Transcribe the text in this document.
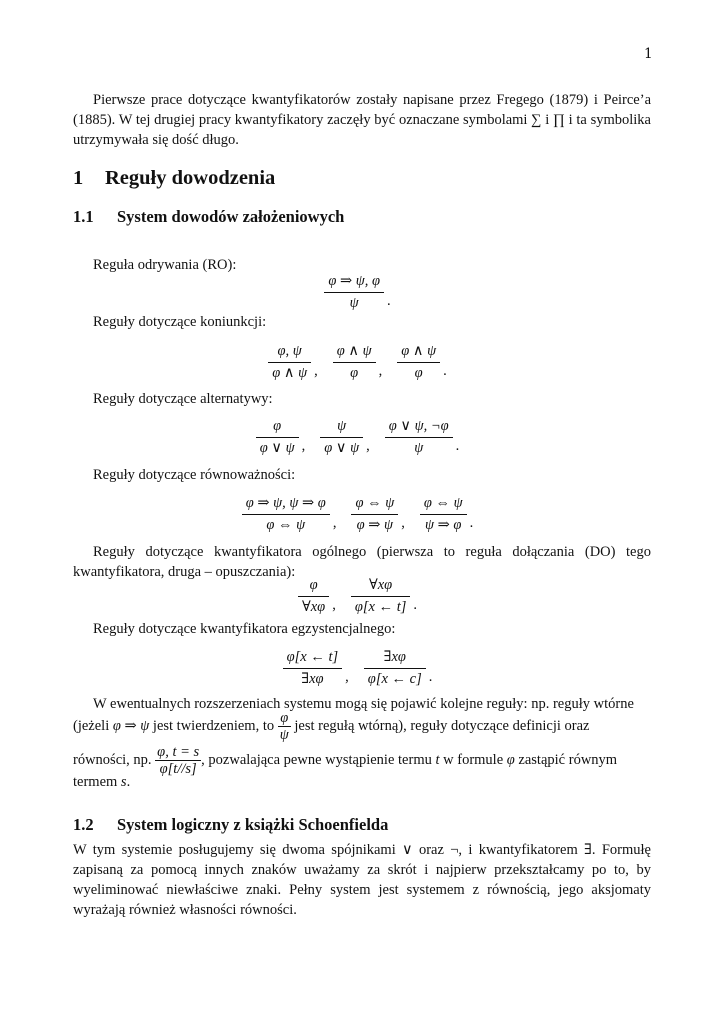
1
Pierwsze prace dotyczące kwantyfikatorów zostały napisane przez Fregego (1879) i Peirce’a (1885). W tej drugiej pracy kwantyfikatory zaczęły być oznaczane symbolami ∑ i ∏ i ta symbolika utrzymywała się dość długo.
1 Reguły dowodzenia
1.1 System dowodów założeniowych
Reguła odrywania (RO):
$\frac{\varphi \Rightarrow \psi, \varphi}{\psi}$ .
Reguły dotyczące koniunkcji:
$\frac{\varphi, \psi}{\varphi \wedge \psi}$ , $\frac{\varphi \wedge \psi}{\varphi}$ , $\frac{\varphi \wedge \psi}{\varphi}$ .
Reguły dotyczące alternatywy:
$\frac{\varphi}{\varphi \vee \psi}$ , $\frac{\psi}{\varphi \vee \psi}$ , $\frac{\varphi \vee \psi, \neg\varphi}{\psi}$ .
Reguły dotyczące równoważności:
$\frac{\varphi \Rightarrow \psi, \psi \Rightarrow \varphi}{\varphi \Leftrightarrow \psi}$ , $\frac{\varphi \Leftrightarrow \psi}{\varphi \Rightarrow \psi}$ , $\frac{\varphi \Leftrightarrow \psi}{\psi \Rightarrow \varphi}$ .
Reguły dotyczące kwantyfikatora ogólnego (pierwsza to reguła dołączania (DO) tego kwantyfikatora, druga – opuszczania):
$\frac{\varphi}{\forall x\varphi}$ , $\frac{\forall x\varphi}{\varphi[x \leftarrow t]}$ .
Reguły dotyczące kwantyfikatora egzystencjalnego:
$\frac{\varphi[x \leftarrow t]}{\exists x\varphi}$ , $\frac{\exists x\varphi}{\varphi[x \leftarrow c]}$ .
W ewentualnych rozszerzeniach systemu mogą się pojawić kolejne reguły: np. reguły wtórne
(jeżeli φ ⇒ ψ jest twierdzeniem, to $\frac{\varphi}{\psi}$ jest regułą wtórną), reguły dotyczące definicji oraz
równości, np. $\frac{\varphi, t = s}{\varphi[t//s]}$ , pozwalająca pewne wystąpienie termu t w formule φ zastąpić równym
termem s.
1.2 System logiczny z książki Schoenfielda
W tym systemie posługujemy się dwoma spójnikami ∨ oraz ¬, i kwantyfikatorem ∃. Formułę zapisaną za pomocą innych znaków uważamy za skrót i najpierw przekształcamy po to, by wyeliminować niewłaściwe znaki. Pełny system jest systemem z równością, jego aksjomaty wyrażają również własności równości.
